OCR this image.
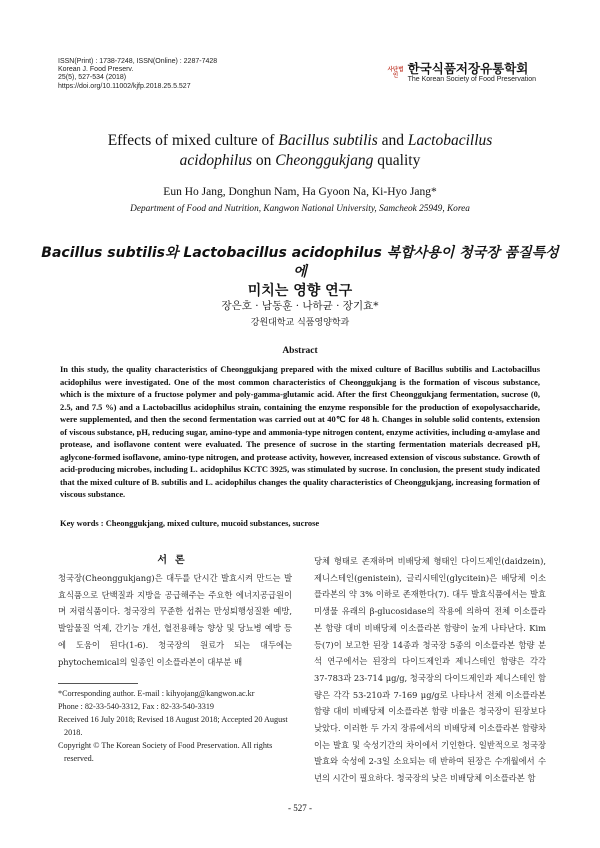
ISSN(Print) : 1738-7248, ISSN(Online) : 2287-7428
Korean J. Food Preserv.
25(5), 527-534 (2018)
https://doi.org/10.11002/kjfp.2018.25.5.527
사단법인 한국식품저장유통학회
The Korean Society of Food Preservation
Effects of mixed culture of Bacillus subtilis and Lactobacillus
acidophilus on Cheonggukjang quality
Eun Ho Jang, Donghun Nam, Ha Gyoon Na, Ki-Hyo Jang*
Department of Food and Nutrition, Kangwon National University, Samcheok 25949, Korea
Bacillus subtilis와 Lactobacillus acidophilus 복합사용이 청국장 품질특성에
미치는 영향 연구
장은호 · 남동훈 · 나하균 · 장기효*
강원대학교 식품영양학과
Abstract
In this study, the quality characteristics of Cheonggukjang prepared with the mixed culture of Bacillus subtilis and Lactobacillus acidophilus were investigated. One of the most common characteristics of Cheonggukjang is the formation of viscous substance, which is the mixture of a fructose polymer and poly-gamma-glutamic acid. After the first Cheonggukjang fermentation, sucrose (0, 2.5, and 7.5 %) and a Lactobacillus acidophilus strain, containing the enzyme responsible for the production of exopolysaccharide, were supplemented, and then the second fermentation was carried out at 40℃ for 48 h. Changes in soluble solid contents, extension of viscous substance, pH, reducing sugar, amino-type and ammonia-type nitrogen content, enzyme activities, including α-amylase and protease, and isoflavone content were evaluated. The presence of sucrose in the starting fermentation materials decreased pH, aglycone-formed isoflavone, amino-type nitrogen, and protease activity, however, increased extension of viscous substance. Growth of acid-producing microbes, including L. acidophilus KCTC 3925, was stimulated by sucrose. In conclusion, the present study indicated that the mixed culture of B. subtilis and L. acidophilus changes the quality characteristics of Cheonggukjang, increasing formation of viscous substance.
Key words : Cheonggukjang, mixed culture, mucoid substances, sucrose
서론
청국장(Cheonggukjang)은 대두를 단시간 발효시켜 만드는 발효식품으로 단백질과 지방을 공급해주는 주요한 에너지공급원이며 저렴식품이다. 청국장의 꾸준한 섭취는 만성퇴행성질환 예방, 발암물질 억제, 간기능 개선, 혈전용해능 향상 및 당뇨병 예방 등에 도움이 된다(1-6). 청국장의 원료가 되는 대두에는 phytochemical의 일종인 이소플라본이 대부분 배
당체 형태로 존재하며 비배당체 형태인 다이드제인(daidzein), 제니스테인(genistein), 글리시테인(glycitein)은 배당체 이소플라본의 약 3% 이하로 존재한다(7). 대두 발효식품에서는 발효미생물 유래의 β-glucosidase의 작용에 의하여 전체 이소플라본 함량 대비 비배당체 이소플라본 함량이 높게 나타난다. Kim 등(7)이 보고한 된장 14종과 청국장 5종의 이소플라본 함량 분석 연구에서는 된장의 다이드제인과 제니스테인 함량은 각각 37-783과 23-714 μg/g, 청국장의 다이드제인과 제니스테인 함량은 각각 53-210과 7-169 μg/g로 나타나서 전체 이소플라본 함량 대비 비배당체 이소플라본 함량 비율은 청국장이 된장보다 낮았다. 이러한 두 가지 장류에서의 비배당체 이소플라본 함량차이는 발효 및 숙성기간의 차이에서 기인한다. 일반적으로 청국장 발효와 숙성에 2-3일 소요되는 데 반하여 된장은 수개월에서 수년의 시간이 필요하다. 청국장의 낮은 비배당체 이소플라본 함
*Corresponding author. E-mail : kihyojang@kangwon.ac.kr
Phone : 82-33-540-3312, Fax : 82-33-540-3319
Received 16 July 2018; Revised 18 August 2018; Accepted 20 August 2018.
Copyright © The Korean Society of Food Preservation. All rights reserved.
- 527 -
